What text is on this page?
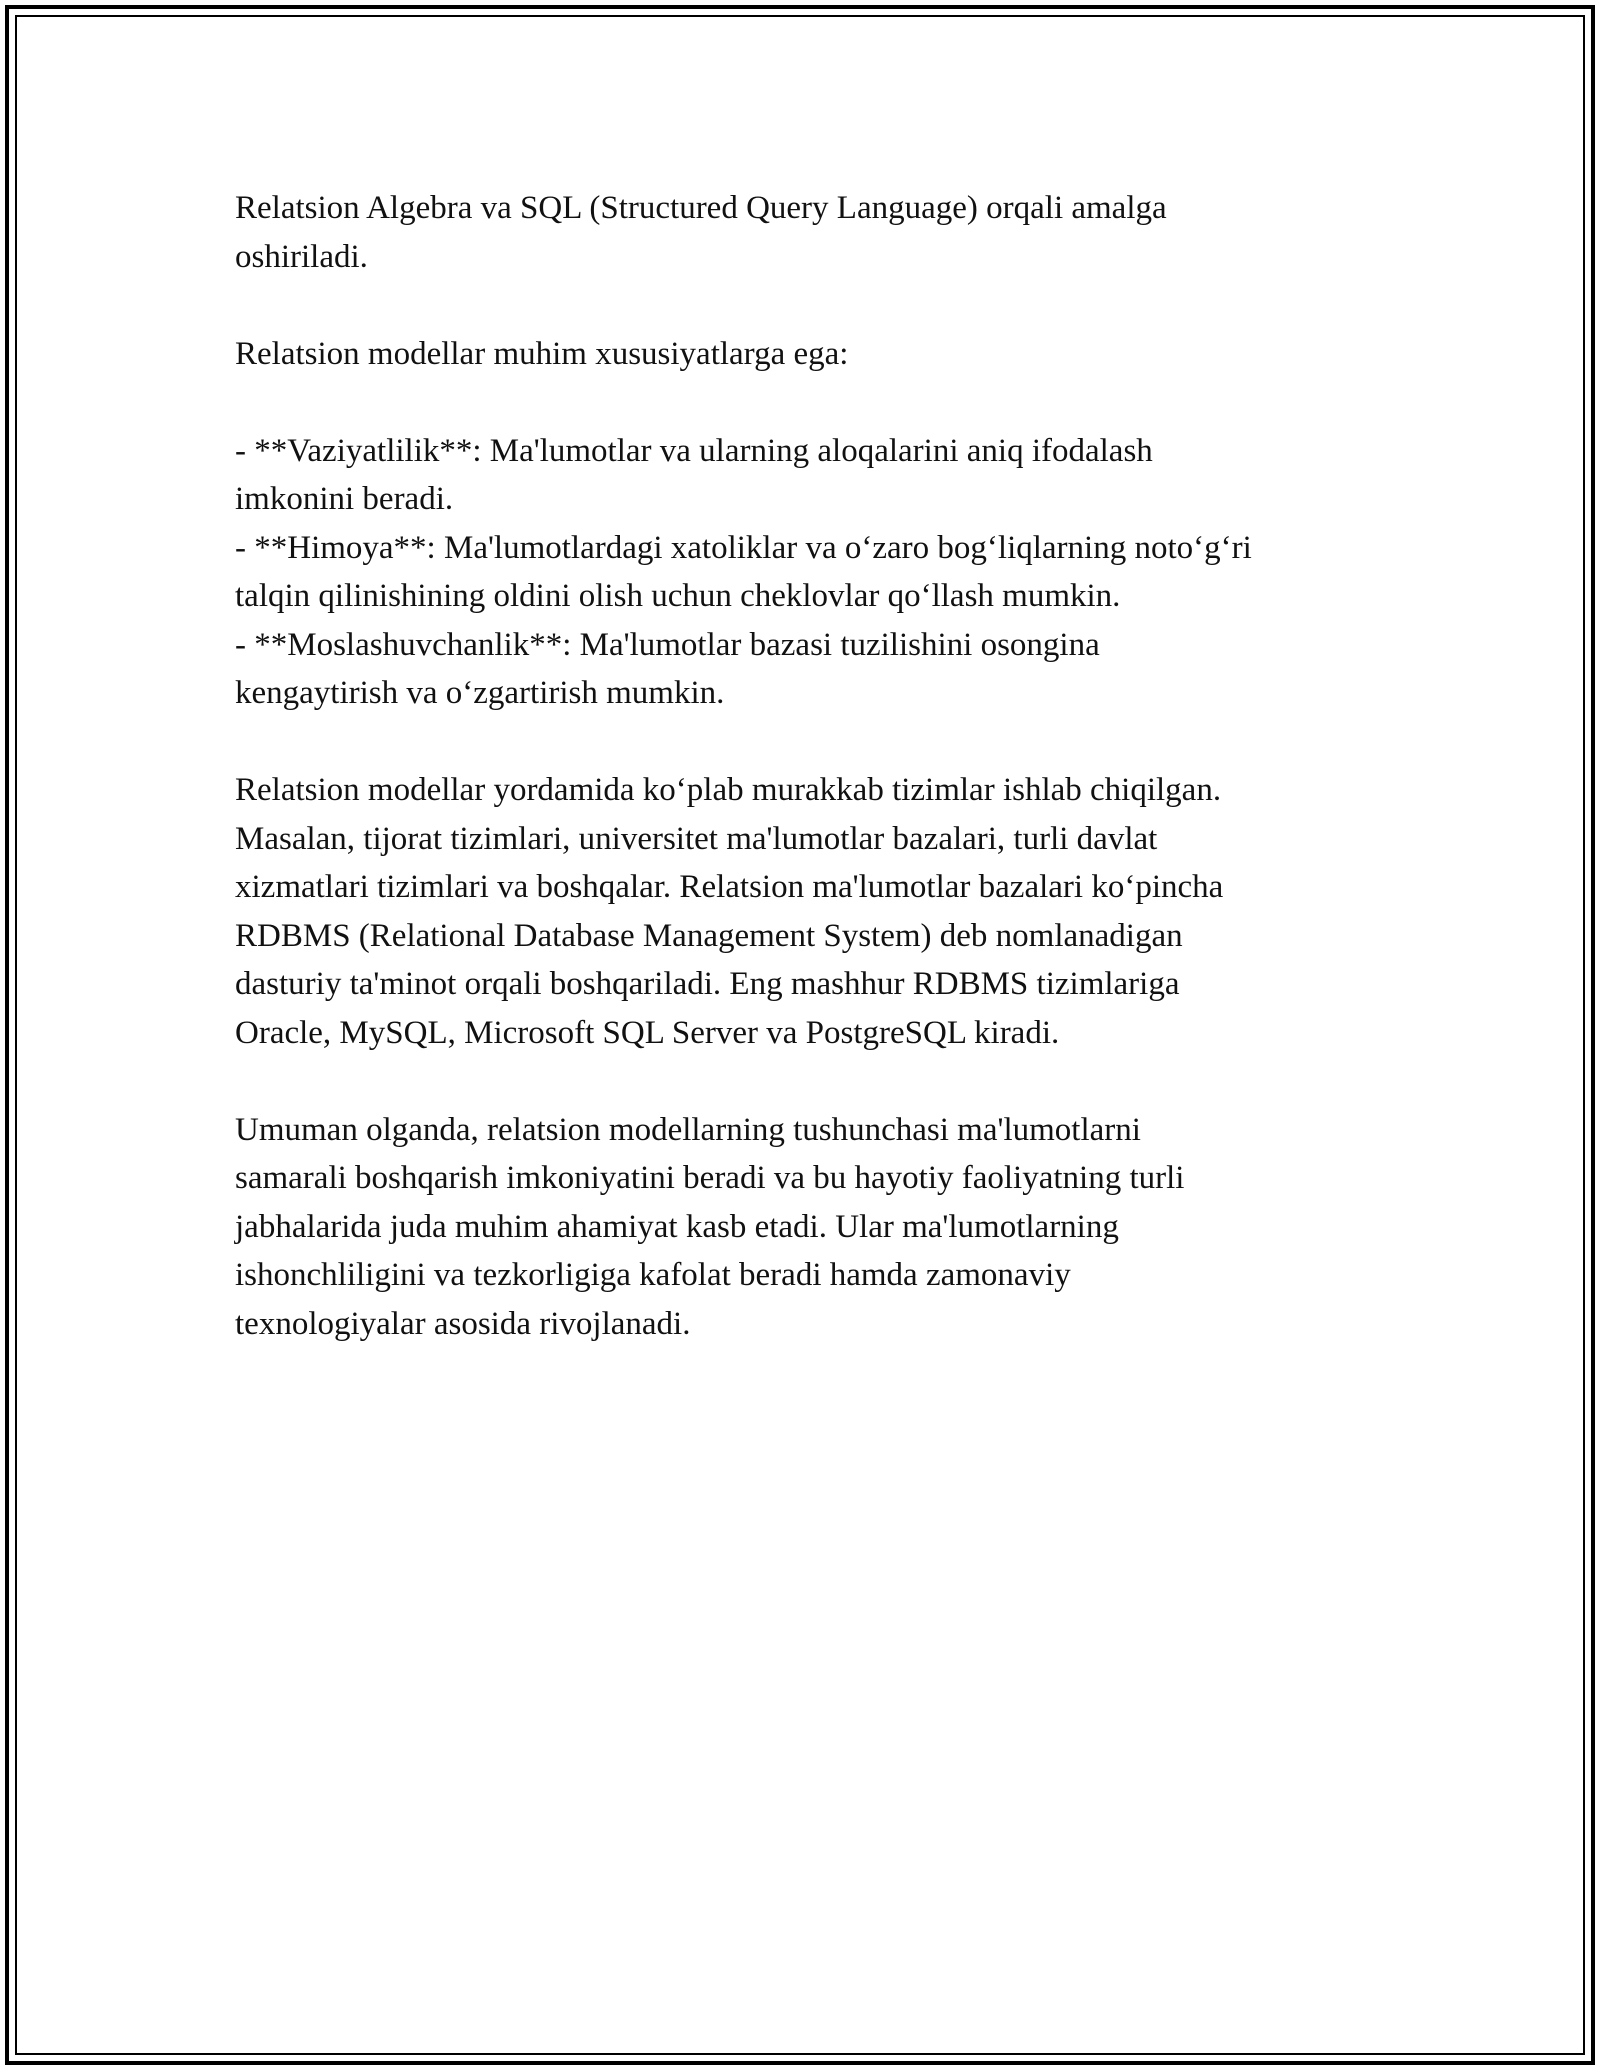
Relatsion Algebra va SQL (Structured Query Language) orqali amalga
oshiriladi.

Relatsion modellar muhim xususiyatlarga ega:

- **Vaziyatlilik**: Ma'lumotlar va ularning aloqalarini aniq ifodalash
imkonini beradi.
- **Himoya**: Ma'lumotlardagi xatoliklar va o‘zaro bog‘liqlarning noto‘g‘ri
talqin qilinishining oldini olish uchun cheklovlar qo‘llash mumkin.
- **Moslashuvchanlik**: Ma'lumotlar bazasi tuzilishini osongina
kengaytirish va o‘zgartirish mumkin.

Relatsion modellar yordamida ko‘plab murakkab tizimlar ishlab chiqilgan.
Masalan, tijorat tizimlari, universitet ma'lumotlar bazalari, turli davlat
xizmatlari tizimlari va boshqalar. Relatsion ma'lumotlar bazalari ko‘pincha
RDBMS (Relational Database Management System) deb nomlanadigan
dasturiy ta'minot orqali boshqariladi. Eng mashhur RDBMS tizimlariga
Oracle, MySQL, Microsoft SQL Server va PostgreSQL kiradi.

Umuman olganda, relatsion modellarning tushunchasi ma'lumotlarni
samarali boshqarish imkoniyatini beradi va bu hayotiy faoliyatning turli
jabhalarida juda muhim ahamiyat kasb etadi. Ular ma'lumotlarning
ishonchliligini va tezkorligiga kafolat beradi hamda zamonaviy
texnologiyalar asosida rivojlanadi.
